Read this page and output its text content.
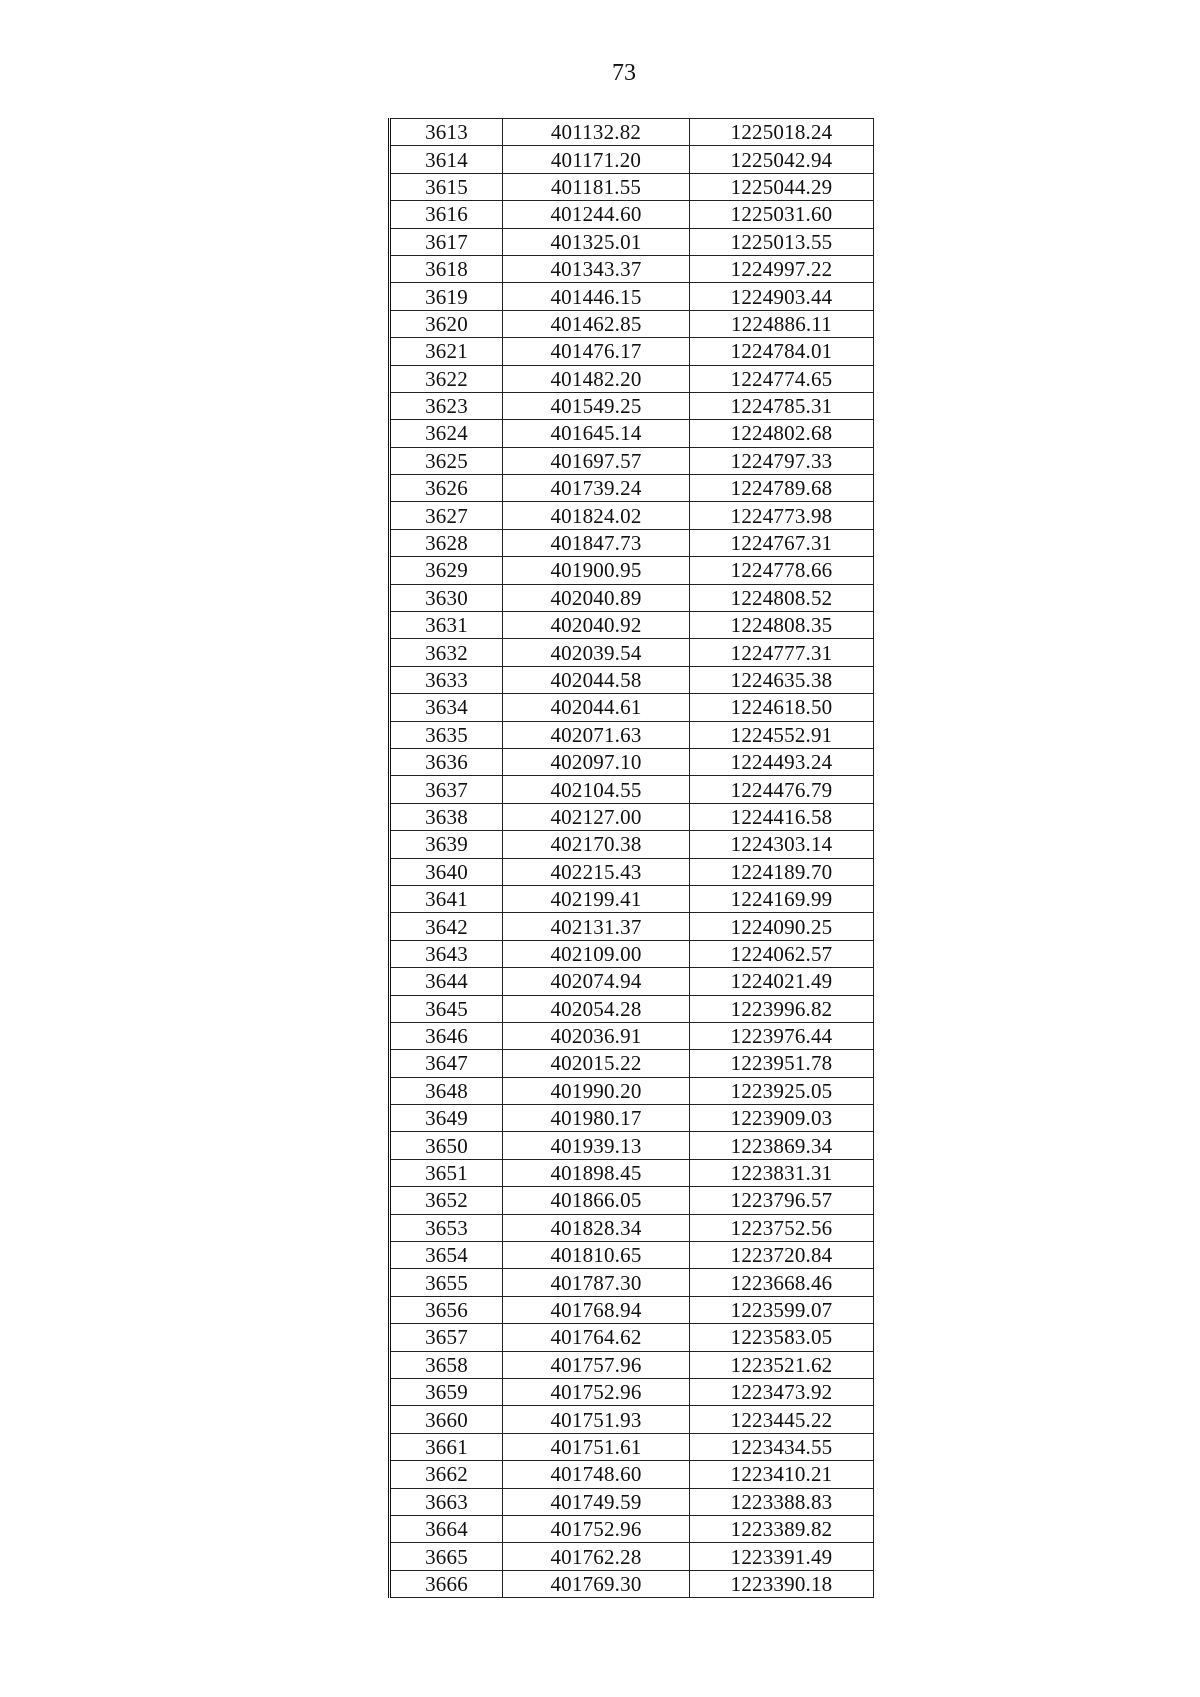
73
3613	401132.82	1225018.24
3614	401171.20	1225042.94
3615	401181.55	1225044.29
3616	401244.60	1225031.60
3617	401325.01	1225013.55
3618	401343.37	1224997.22
3619	401446.15	1224903.44
3620	401462.85	1224886.11
3621	401476.17	1224784.01
3622	401482.20	1224774.65
3623	401549.25	1224785.31
3624	401645.14	1224802.68
3625	401697.57	1224797.33
3626	401739.24	1224789.68
3627	401824.02	1224773.98
3628	401847.73	1224767.31
3629	401900.95	1224778.66
3630	402040.89	1224808.52
3631	402040.92	1224808.35
3632	402039.54	1224777.31
3633	402044.58	1224635.38
3634	402044.61	1224618.50
3635	402071.63	1224552.91
3636	402097.10	1224493.24
3637	402104.55	1224476.79
3638	402127.00	1224416.58
3639	402170.38	1224303.14
3640	402215.43	1224189.70
3641	402199.41	1224169.99
3642	402131.37	1224090.25
3643	402109.00	1224062.57
3644	402074.94	1224021.49
3645	402054.28	1223996.82
3646	402036.91	1223976.44
3647	402015.22	1223951.78
3648	401990.20	1223925.05
3649	401980.17	1223909.03
3650	401939.13	1223869.34
3651	401898.45	1223831.31
3652	401866.05	1223796.57
3653	401828.34	1223752.56
3654	401810.65	1223720.84
3655	401787.30	1223668.46
3656	401768.94	1223599.07
3657	401764.62	1223583.05
3658	401757.96	1223521.62
3659	401752.96	1223473.92
3660	401751.93	1223445.22
3661	401751.61	1223434.55
3662	401748.60	1223410.21
3663	401749.59	1223388.83
3664	401752.96	1223389.82
3665	401762.28	1223391.49
3666	401769.30	1223390.18
